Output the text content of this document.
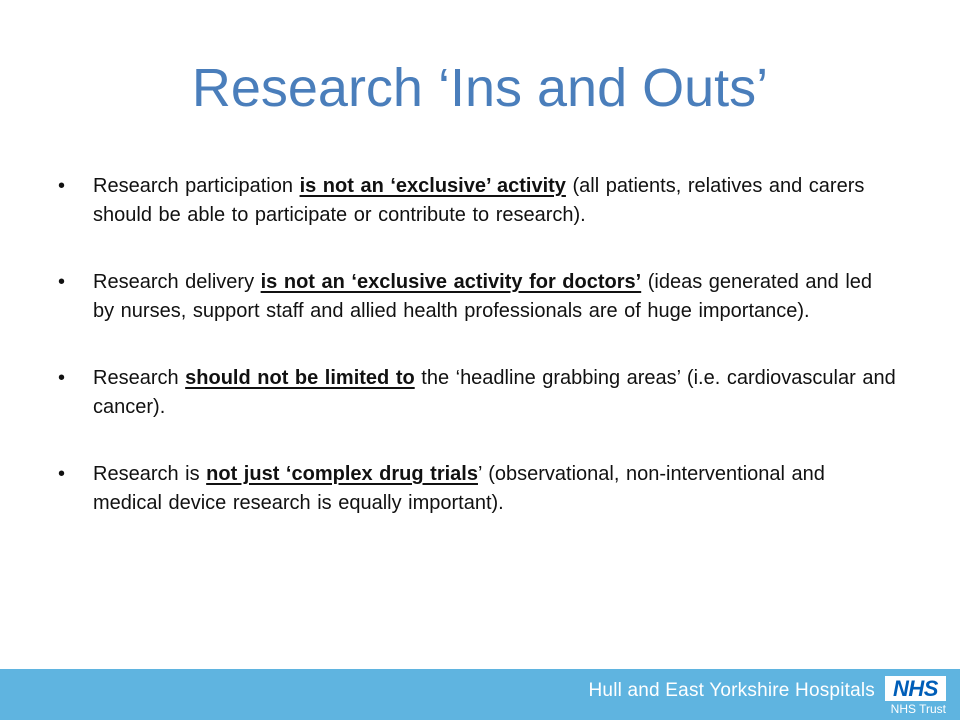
Research ‘Ins and Outs’
•	Research participation is not an ‘exclusive’ activity (all patients, relatives and carers should be able to participate or contribute to research).
•	Research delivery is not an ‘exclusive activity for doctors’ (ideas generated and led by nurses, support staff and allied health professionals are of huge importance).
•	Research should not be limited to the ‘headline grabbing areas’ (i.e. cardiovascular and cancer).
•	Research is not just ‘complex drug trials’ (observational, non-interventional and medical device research is equally important).
Hull and East Yorkshire Hospitals NHS
NHS Trust
